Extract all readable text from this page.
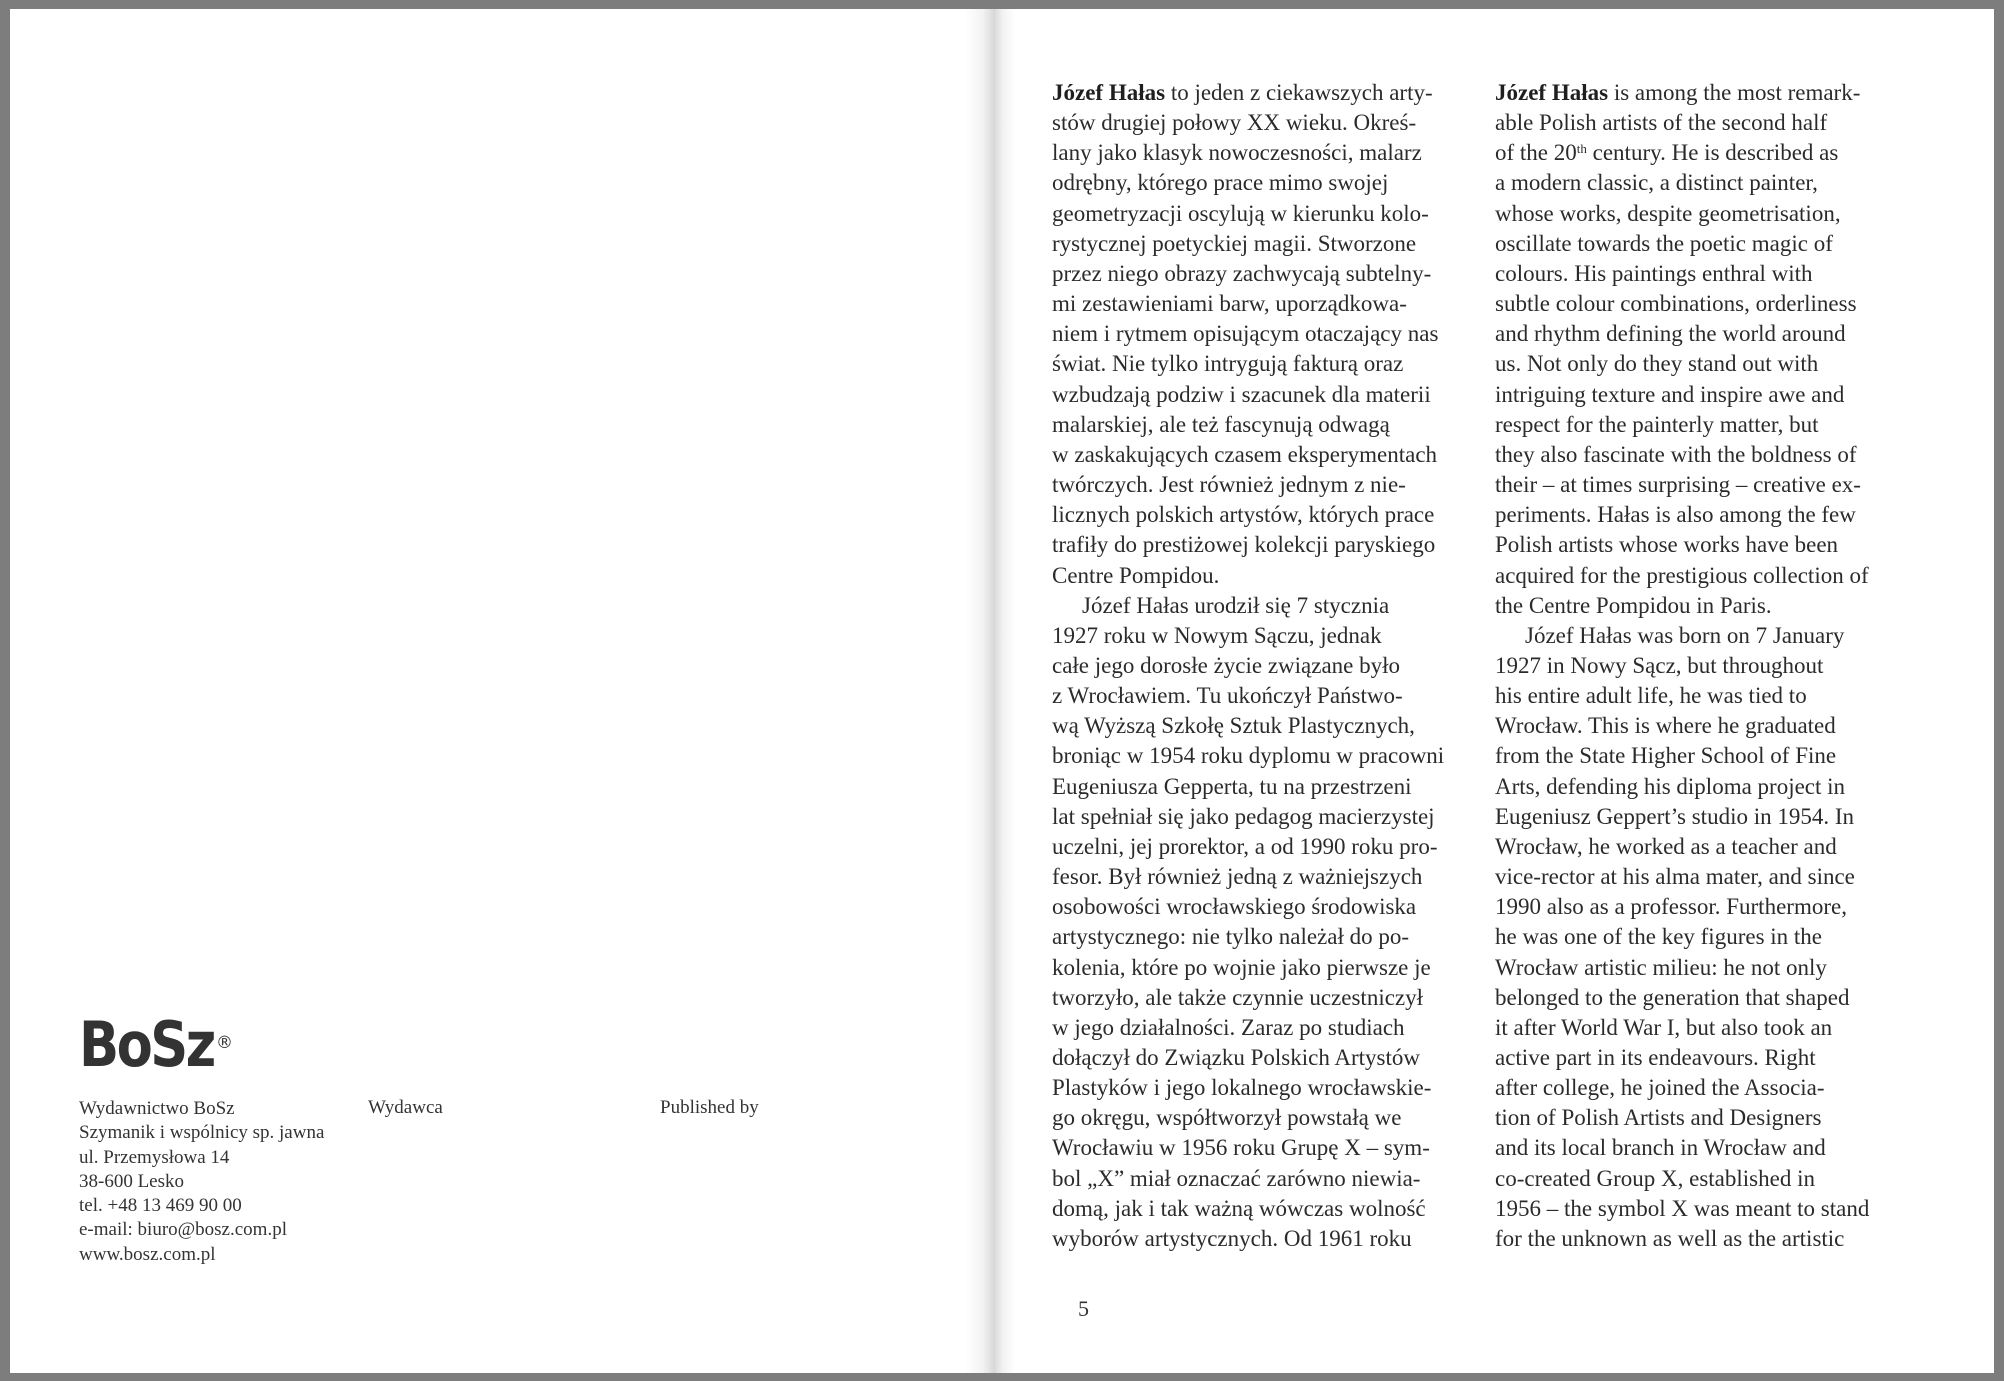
BoSz ®
Wydawnictwo BoSz
Szymanik i wspólnicy sp. jawna
ul. Przemysłowa 14
38-600 Lesko
tel. +48 13 469 90 00
e-mail: biuro@bosz.com.pl
www.bosz.com.pl
Wydawca	Published by

Józef Hałas to jeden z ciekawszych arty-
stów drugiej połowy XX wieku. Okreś-
lany jako klasyk nowoczesności, malarz
odrębny, którego prace mimo swojej
geometryzacji oscylują w kierunku kolo-
rystycznej poetyckiej magii. Stworzone
przez niego obrazy zachwycają subtelny-
mi zestawieniami barw, uporządkowa-
niem i rytmem opisującym otaczający nas
świat. Nie tylko intrygują fakturą oraz
wzbudzają podziw i szacunek dla materii
malarskiej, ale też fascynują odwagą
w zaskakujących czasem eksperymentach
twórczych. Jest również jednym z nie-
licznych polskich artystów, których prace
trafiły do prestiżowej kolekcji paryskiego
Centre Pompidou.

Józef Hałas urodził się 7 stycznia
1927 roku w Nowym Sączu, jednak
całe jego dorosłe życie związane było
z Wrocławiem. Tu ukończył Państwo-
wą Wyższą Szkołę Sztuk Plastycznych,
broniąc w 1954 roku dyplomu w pracowni
Eugeniusza Gepperta, tu na przestrzeni
lat spełniał się jako pedagog macierzystej
uczelni, jej prorektor, a od 1990 roku pro-
fesor. Był również jedną z ważniejszych
osobowości wrocławskiego środowiska
artystycznego: nie tylko należał do po-
kolenia, które po wojnie jako pierwsze je
tworzyło, ale także czynnie uczestniczył
w jego działalności. Zaraz po studiach
dołączył do Związku Polskich Artystów
Plastyków i jego lokalnego wrocławskie-
go okręgu, współtworzył powstałą we
Wrocławiu w 1956 roku Grupę X – sym-
bol „X” miał oznaczać zarówno niewia-
domą, jak i tak ważną wówczas wolność
wyborów artystycznych. Od 1961 roku

Józef Hałas is among the most remark-
able Polish artists of the second half
of the 20th century. He is described as
a modern classic, a distinct painter,
whose works, despite geometrisation,
oscillate towards the poetic magic of
colours. His paintings enthral with
subtle colour combinations, orderliness
and rhythm defining the world around
us. Not only do they stand out with
intriguing texture and inspire awe and
respect for the painterly matter, but
they also fascinate with the boldness of
their – at times surprising – creative ex-
periments. Hałas is also among the few
Polish artists whose works have been
acquired for the prestigious collection of
the Centre Pompidou in Paris.

Józef Hałas was born on 7 January
1927 in Nowy Sącz, but throughout
his entire adult life, he was tied to
Wrocław. This is where he graduated
from the State Higher School of Fine
Arts, defending his diploma project in
Eugeniusz Geppert’s studio in 1954. In
Wrocław, he worked as a teacher and
vice-rector at his alma mater, and since
1990 also as a professor. Furthermore,
he was one of the key figures in the
Wrocław artistic milieu: he not only
belonged to the generation that shaped
it after World War I, but also took an
active part in its endeavours. Right
after college, he joined the Associa-
tion of Polish Artists and Designers
and its local branch in Wrocław and
co-created Group X, established in
1956 – the symbol X was meant to stand
for the unknown as well as the artistic

5
